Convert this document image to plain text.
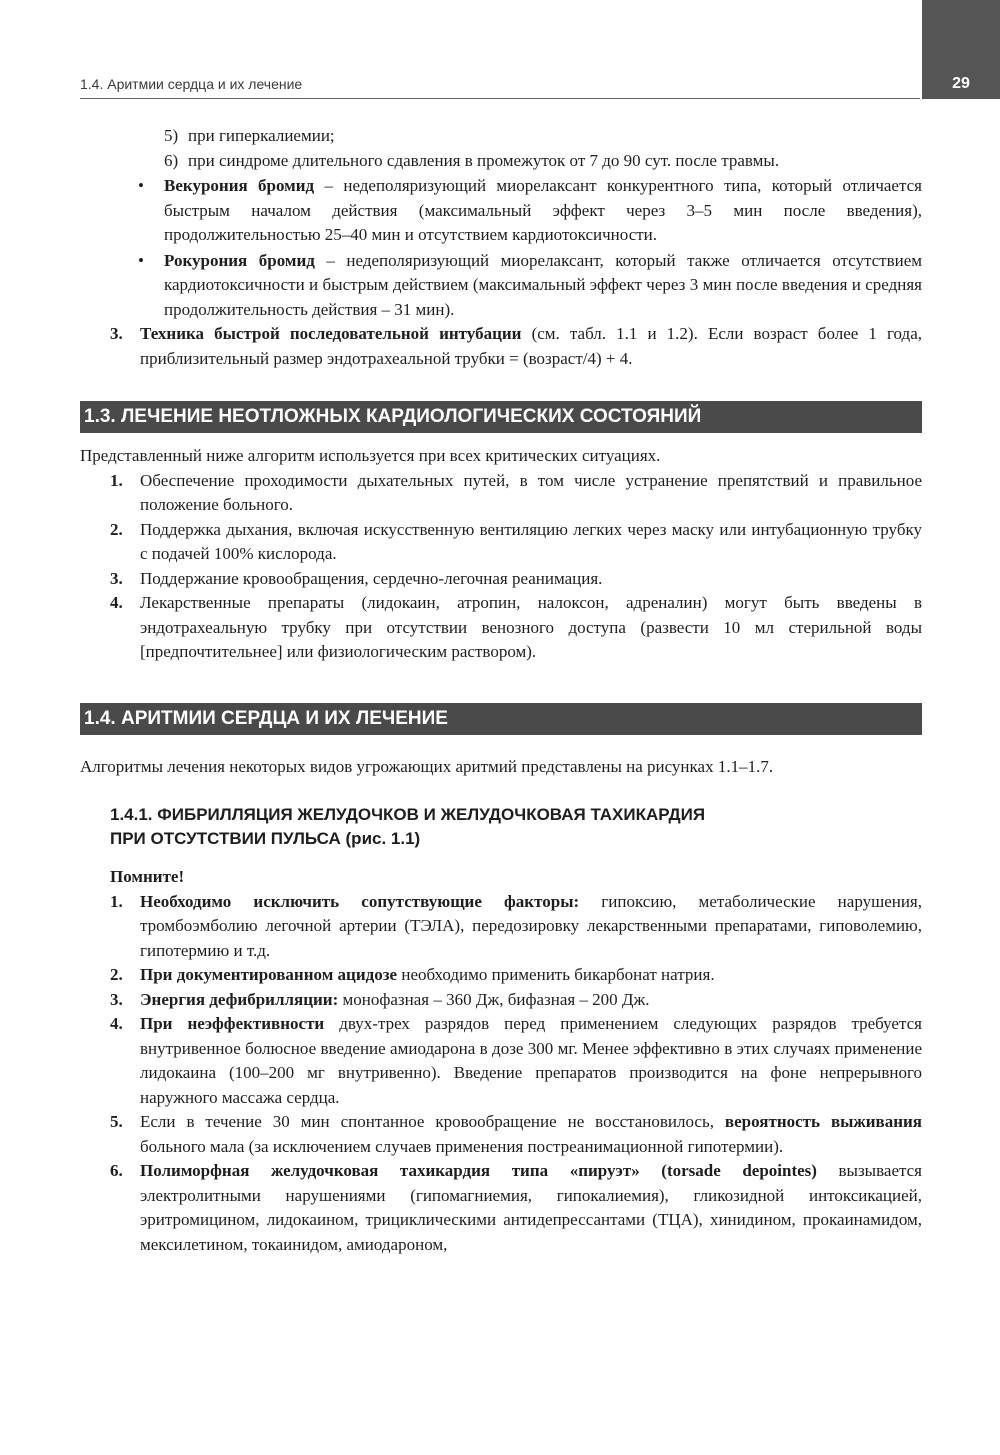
1.4. Аритмии сердца и их лечение	29
5) при гиперкалиемии;
6) при синдроме длительного сдавления в промежуток от 7 до 90 сут. после травмы.
• Векурония бромид – недеполяризующий миорелаксант конкурентного типа, который отличается быстрым началом действия (максимальный эффект через 3–5 мин после введения), продолжительностью 25–40 мин и отсутствием кардиотоксичности.
• Рокурония бромид – недеполяризующий миорелаксант, который также отличается отсутствием кардиотоксичности и быстрым действием (максимальный эффект через 3 мин после введения и средняя продолжительность действия – 31 мин).
3. Техника быстрой последовательной интубации (см. табл. 1.1 и 1.2). Если возраст более 1 года, приблизительный размер эндотрахеальной трубки = (возраст/4) + 4.
1.3. ЛЕЧЕНИЕ НЕОТЛОЖНЫХ КАРДИОЛОГИЧЕСКИХ СОСТОЯНИЙ

Представленный ниже алгоритм используется при всех критических ситуациях.

1. Обеспечение проходимости дыхательных путей, в том числе устранение препятствий и правильное положение больного.
2. Поддержка дыхания, включая искусственную вентиляцию легких через маску или интубационную трубку с подачей 100% кислорода.
3. Поддержание кровообращения, сердечно-легочная реанимация.
4. Лекарственные препараты (лидокаин, атропин, налоксон, адреналин) могут быть введены в эндотрахеальную трубку при отсутствии венозного доступа (развести 10 мл стерильной воды [предпочтительнее] или физиологическим раствором).
1.4. АРИТМИИ СЕРДЦА И ИХ ЛЕЧЕНИЕ

Алгоритмы лечения некоторых видов угрожающих аритмий представлены на рисунках 1.1–1.7.

1.4.1. ФИБРИЛЛЯЦИЯ ЖЕЛУДОЧКОВ И ЖЕЛУДОЧКОВАЯ ТАХИКАРДИЯ
ПРИ ОТСУТСТВИИ ПУЛЬСА (рис. 1.1)

Помните!

1. Необходимо исключить сопутствующие факторы: гипоксию, метаболические нарушения, тромбоэмболию легочной артерии (ТЭЛА), передозировку лекарственными препаратами, гиповолемию, гипотермию и т.д.
2. При документированном ацидозе необходимо применить бикарбонат натрия.
3. Энергия дефибрилляции: монофазная – 360 Дж, бифазная – 200 Дж.
4. При неэффективности двух-трех разрядов перед применением следующих разрядов требуется внутривенное болюсное введение амиодарона в дозе 300 мг. Менее эффективно в этих случаях применение лидокаина (100–200 мг внутривенно). Введение препаратов производится на фоне непрерывного наружного массажа сердца.
5. Если в течение 30 мин спонтанное кровообращение не восстановилось, вероятность выживания больного мала (за исключением случаев применения постреанимационной гипотермии).
6. Полиморфная желудочковая тахикардия типа «пируэт» (torsade depointes) вызывается электролитными нарушениями (гипомагниемия, гипокалиемия), гликозидной интоксикацией, эритромицином, лидокаином, трициклическими антидепрессантами (ТЦА), хинидином, прокаинамидом, мексилетином, токаинидом, амиодароном,
